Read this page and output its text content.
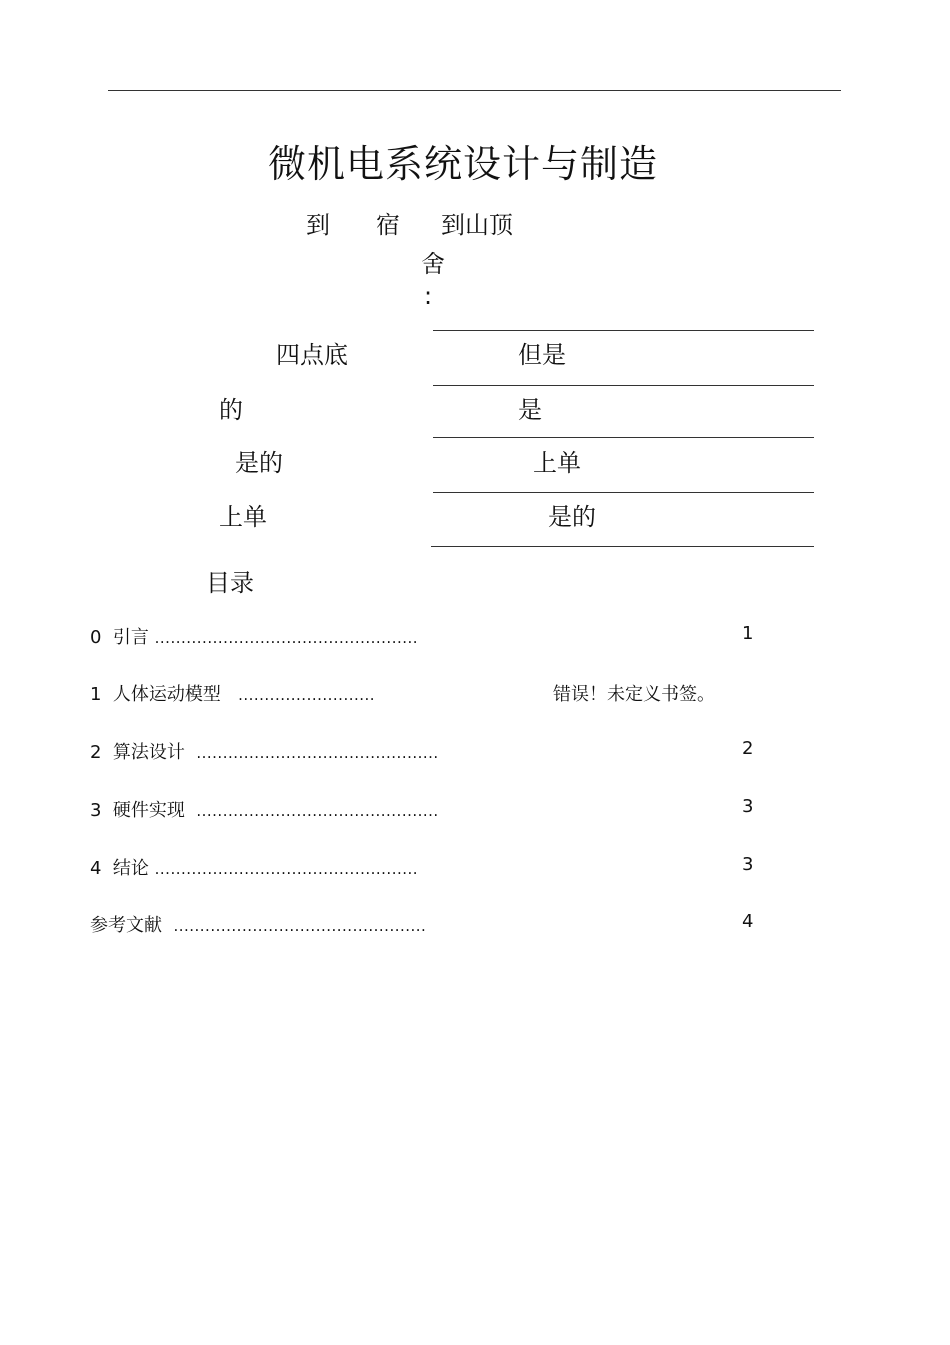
微机电系统设计与制造
到 宿 到山顶
舍
:
四点底	但是
的	是
是的	上单
上单	是的
目录
0 引言 ..................................................	1
1 人体运动模型 ..........................	错误！未定义书签。
2 算法设计 ..............................................	2
3 硬件实现 ..............................................	3
4 结论 ..................................................	3
参考文献 ................................................	4
